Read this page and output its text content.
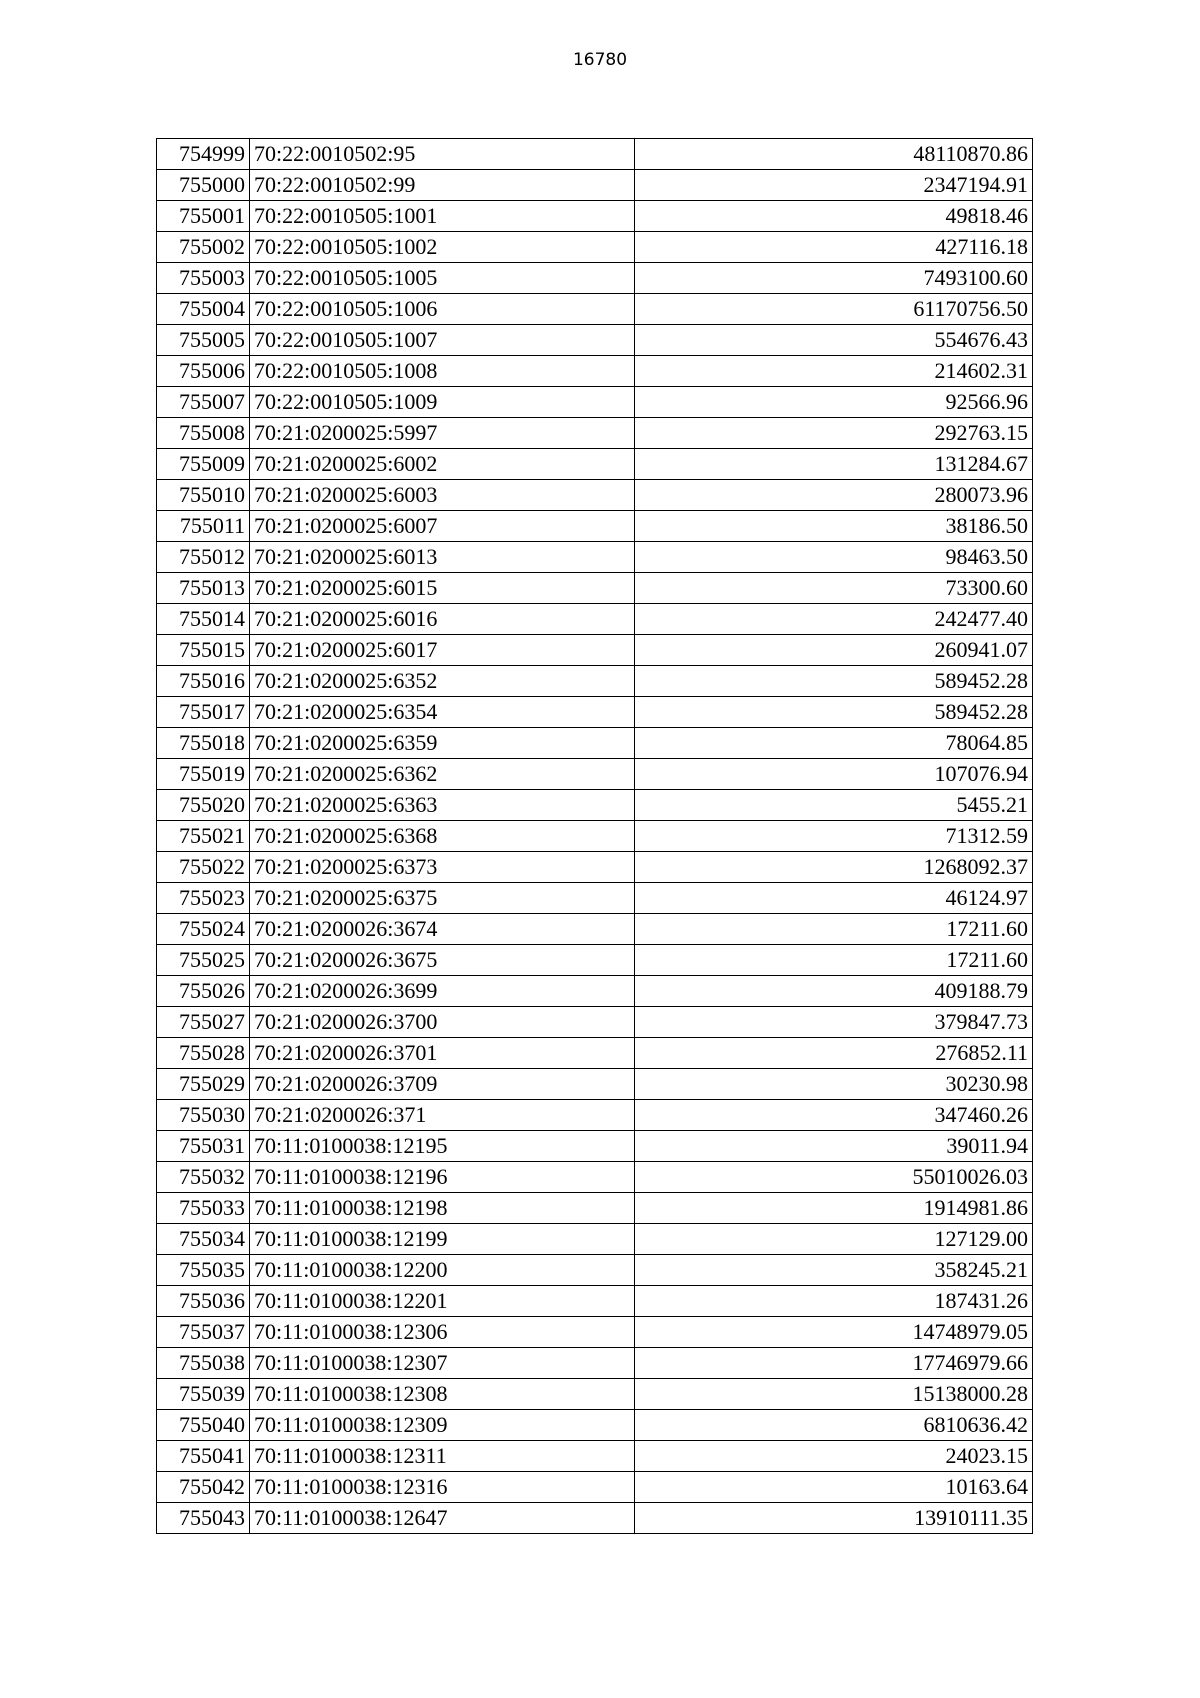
16780
754999	70:22:0010502:95	48110870.86
755000	70:22:0010502:99	2347194.91
755001	70:22:0010505:1001	49818.46
755002	70:22:0010505:1002	427116.18
755003	70:22:0010505:1005	7493100.60
755004	70:22:0010505:1006	61170756.50
755005	70:22:0010505:1007	554676.43
755006	70:22:0010505:1008	214602.31
755007	70:22:0010505:1009	92566.96
755008	70:21:0200025:5997	292763.15
755009	70:21:0200025:6002	131284.67
755010	70:21:0200025:6003	280073.96
755011	70:21:0200025:6007	38186.50
755012	70:21:0200025:6013	98463.50
755013	70:21:0200025:6015	73300.60
755014	70:21:0200025:6016	242477.40
755015	70:21:0200025:6017	260941.07
755016	70:21:0200025:6352	589452.28
755017	70:21:0200025:6354	589452.28
755018	70:21:0200025:6359	78064.85
755019	70:21:0200025:6362	107076.94
755020	70:21:0200025:6363	5455.21
755021	70:21:0200025:6368	71312.59
755022	70:21:0200025:6373	1268092.37
755023	70:21:0200025:6375	46124.97
755024	70:21:0200026:3674	17211.60
755025	70:21:0200026:3675	17211.60
755026	70:21:0200026:3699	409188.79
755027	70:21:0200026:3700	379847.73
755028	70:21:0200026:3701	276852.11
755029	70:21:0200026:3709	30230.98
755030	70:21:0200026:371	347460.26
755031	70:11:0100038:12195	39011.94
755032	70:11:0100038:12196	55010026.03
755033	70:11:0100038:12198	1914981.86
755034	70:11:0100038:12199	127129.00
755035	70:11:0100038:12200	358245.21
755036	70:11:0100038:12201	187431.26
755037	70:11:0100038:12306	14748979.05
755038	70:11:0100038:12307	17746979.66
755039	70:11:0100038:12308	15138000.28
755040	70:11:0100038:12309	6810636.42
755041	70:11:0100038:12311	24023.15
755042	70:11:0100038:12316	10163.64
755043	70:11:0100038:12647	13910111.35
